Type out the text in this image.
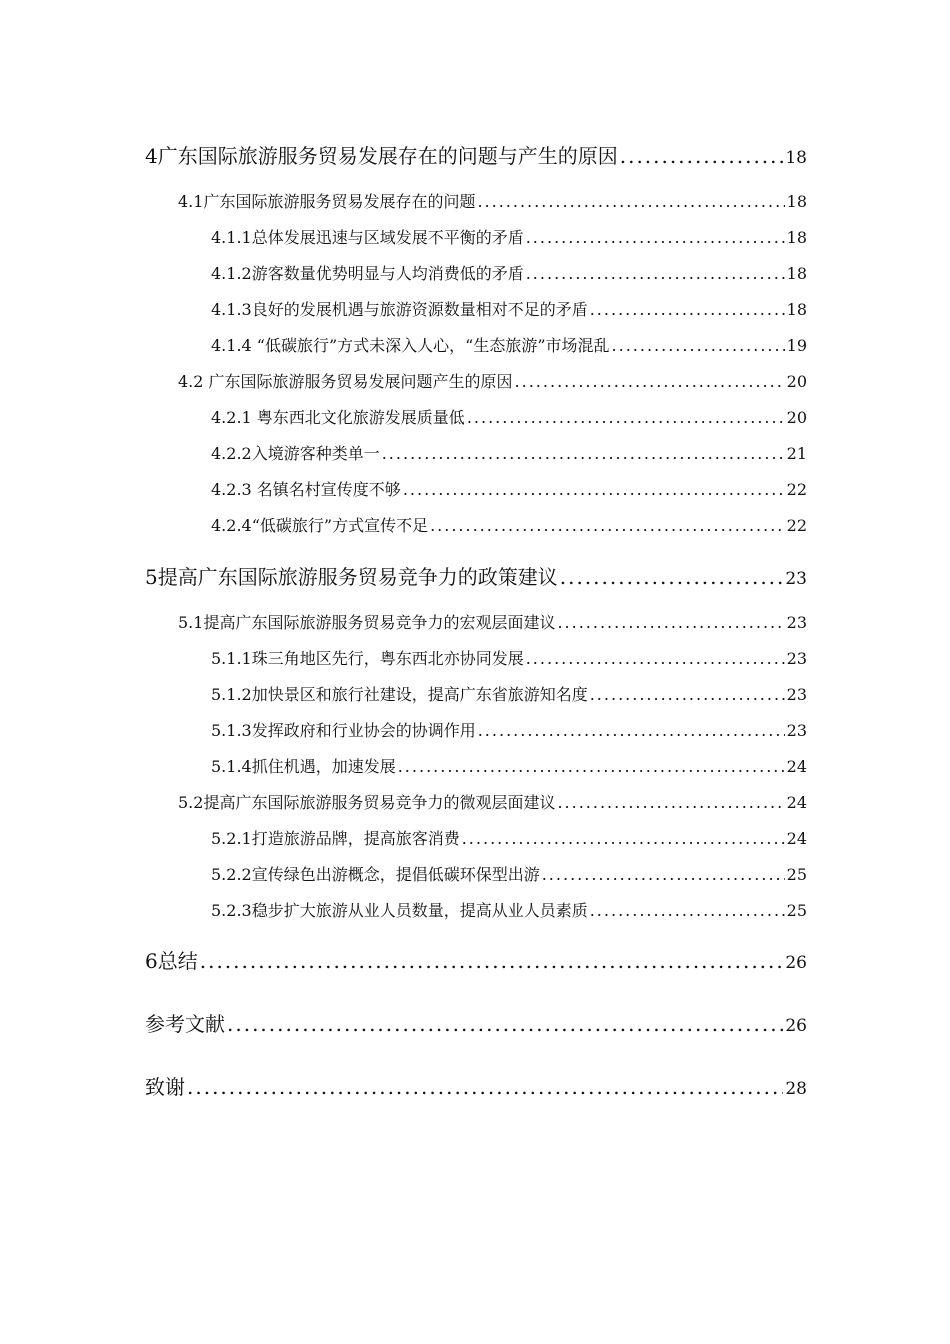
4广东国际旅游服务贸易发展存在的问题与产生的原因 .....	18
4.1广东国际旅游服务贸易发展存在的问题 .....	18
4.1.1总体发展迅速与区域发展不平衡的矛盾 .....	18
4.1.2游客数量优势明显与人均消费低的矛盾 .....	18
4.1.3良好的发展机遇与旅游资源数量相对不足的矛盾 .....	18
4.1.4 “低碳旅行”方式未深入人心，“生态旅游”市场混乱 .....	19
4.2 广东国际旅游服务贸易发展问题产生的原因 .....	20
4.2.1 粤东西北文化旅游发展质量低 .....	20
4.2.2入境游客种类单一 .....	21
4.2.3 名镇名村宣传度不够 .....	22
4.2.4“低碳旅行”方式宣传不足 .....	22
5提高广东国际旅游服务贸易竞争力的政策建议 .....	23
5.1提高广东国际旅游服务贸易竞争力的宏观层面建议 .....	23
5.1.1珠三角地区先行，粤东西北亦协同发展 .....	23
5.1.2加快景区和旅行社建设，提高广东省旅游知名度 .....	23
5.1.3发挥政府和行业协会的协调作用 .....	23
5.1.4抓住机遇，加速发展 .....	24
5.2提高广东国际旅游服务贸易竞争力的微观层面建议 .....	24
5.2.1打造旅游品牌，提高旅客消费 .....	24
5.2.2宣传绿色出游概念，提倡低碳环保型出游 .....	25
5.2.3稳步扩大旅游从业人员数量，提高从业人员素质 .....	25
6总结 .....	26
参考文献 .....	26
致谢 .....	28
